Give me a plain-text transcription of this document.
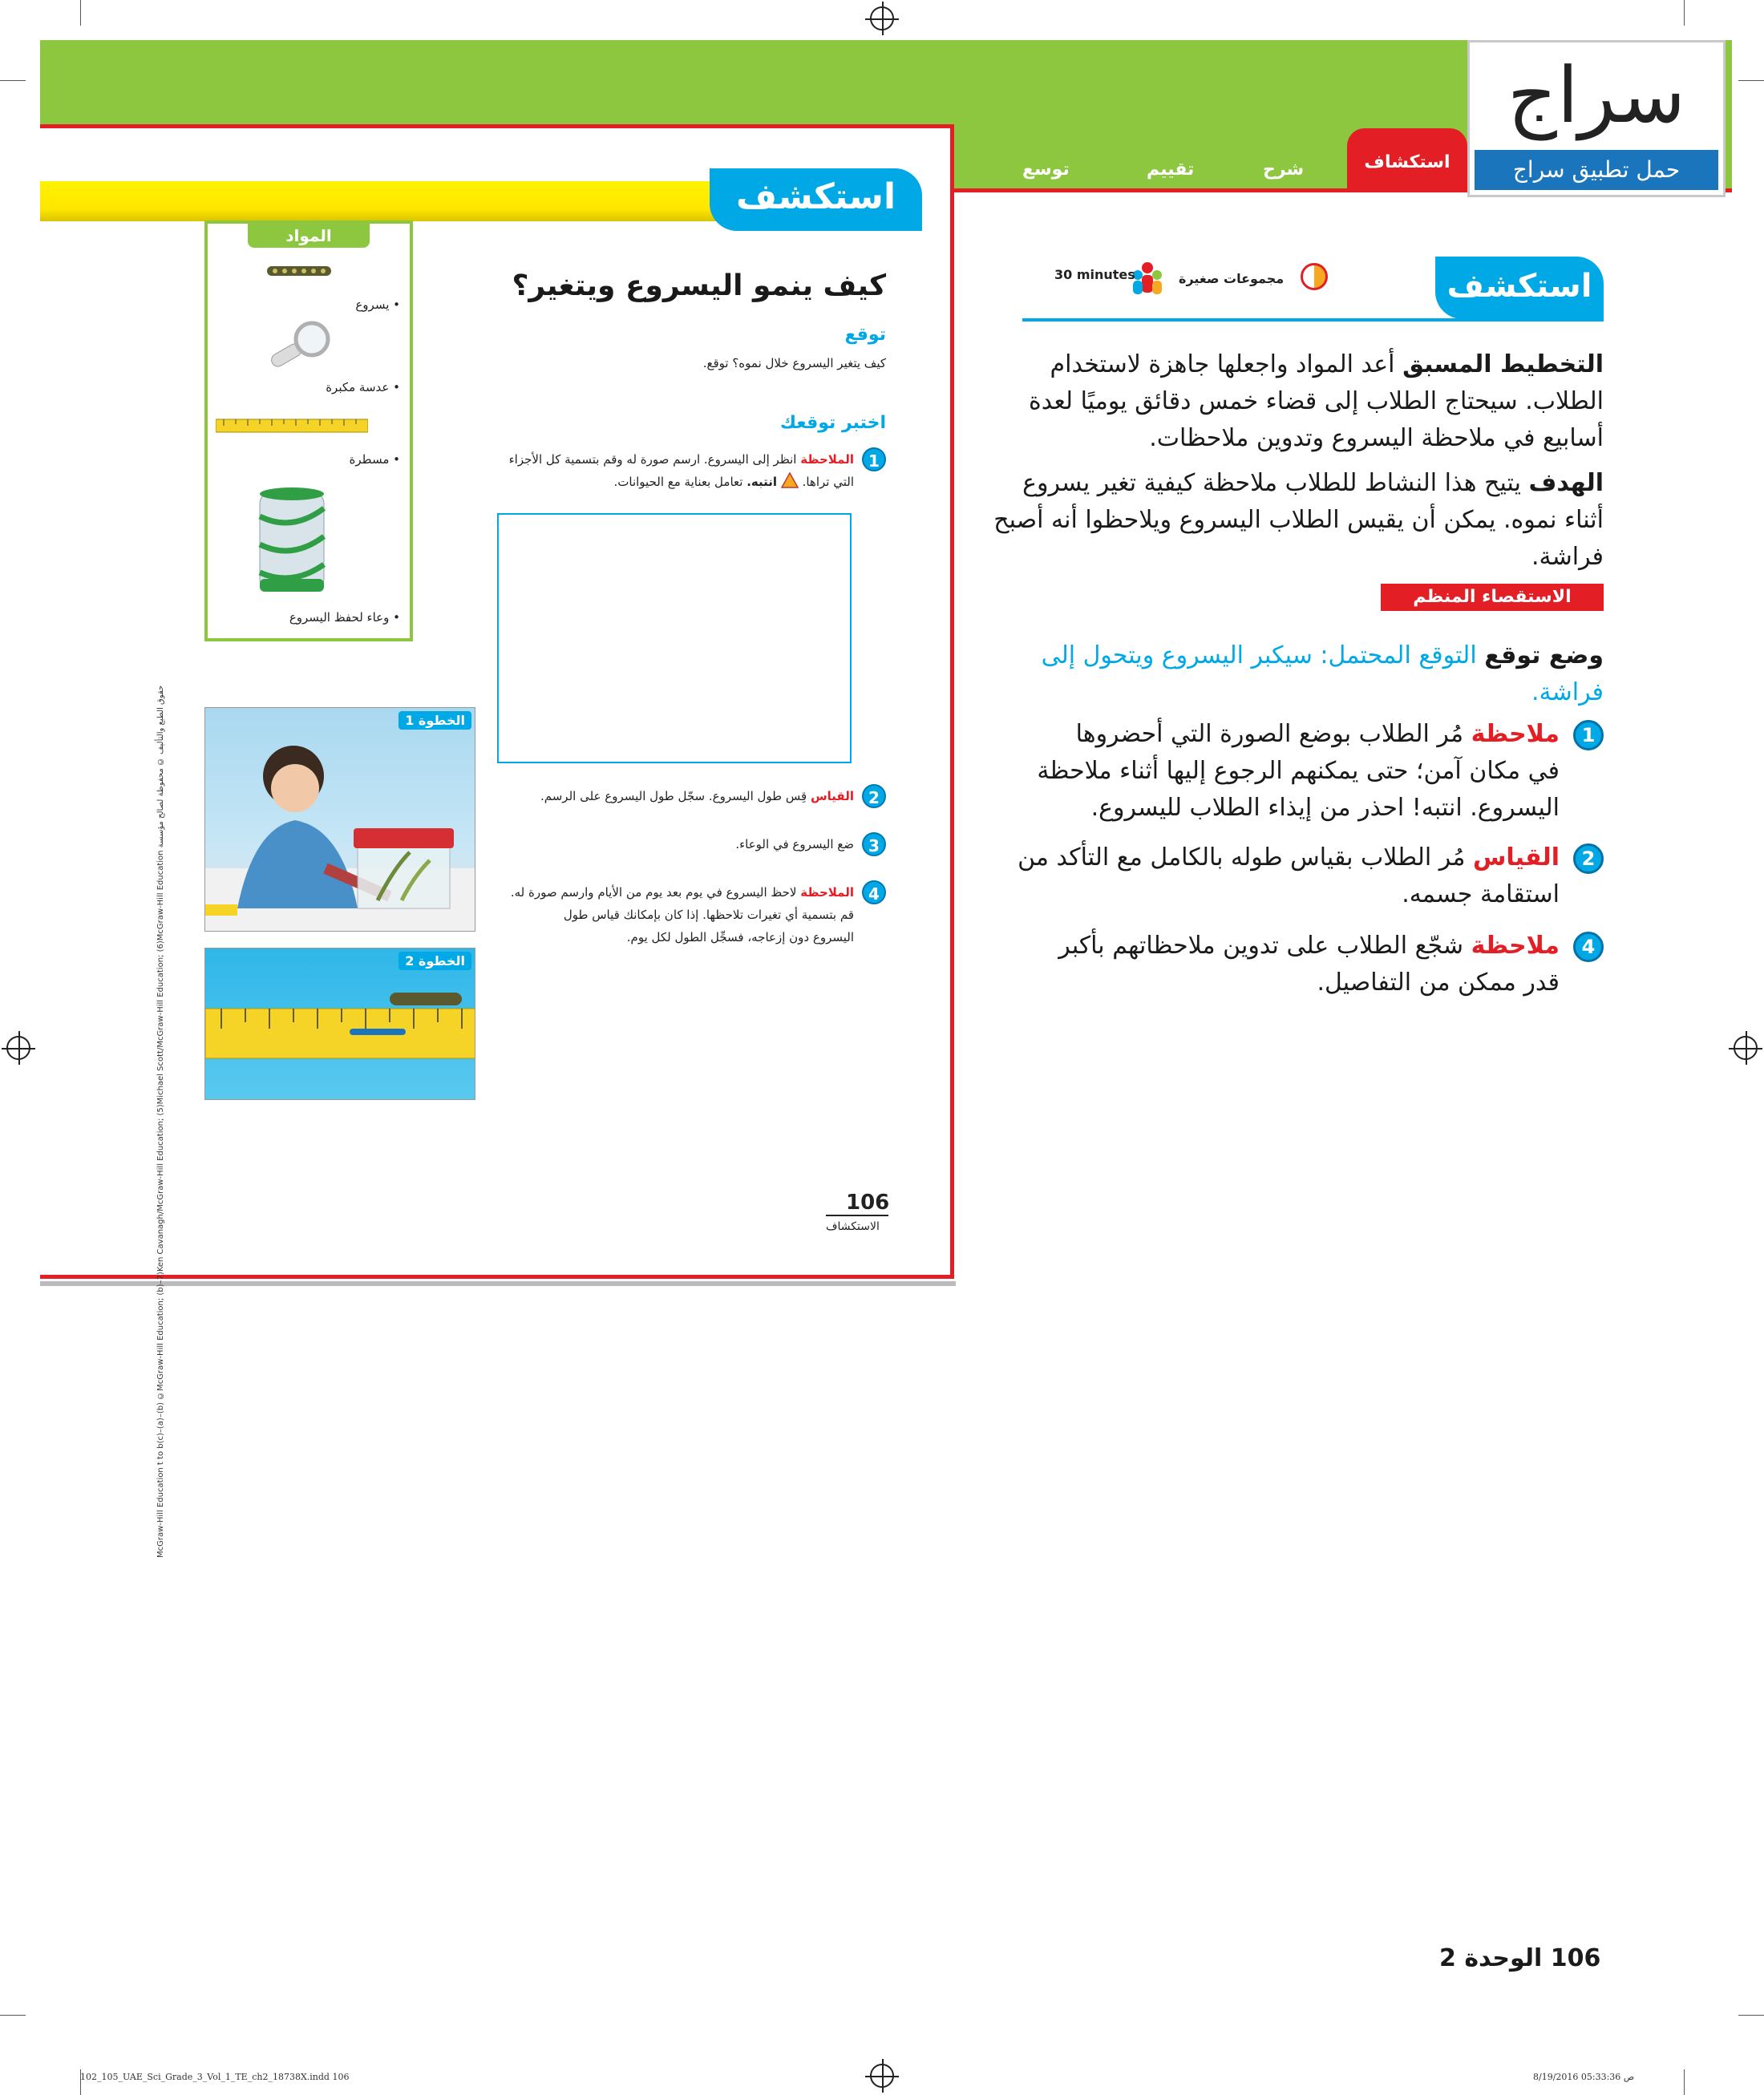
شرح
تقييم
توسع	استكشاف
سراج
حمل تطبيق سراج
استكشف
المواد
• يسروع
• عدسة مكبرة
• مسطرة
• وعاء لحفظ اليسروع
كيف ينمو اليسروع ويتغير؟
توقع
كيف يتغير اليسروع خلال نموه؟ توقع.
اختبر توقعك
1
الملاحظة انظر إلى اليسروع. ارسم صورة له وقم بتسمية كل الأجزاء
التي تراها.  انتبه. تعامل بعناية مع الحيوانات.
2
القياس قِس طول اليسروع. سجّل طول اليسروع على الرسم.
3
ضع اليسروع في الوعاء.
4
الملاحظة لاحظ اليسروع في يوم بعد يوم من الأيام وارسم صورة له.
قم بتسمية أي تغيرات تلاحظها. إذا كان بإمكانك قياس طول
اليسروع دون إزعاجه، فسجِّل الطول لكل يوم.
الخطوة 1
الخطوة 2
حقوق الطبع والتأليف © محفوظة لصالح مؤسسة McGraw-Hill Education t to b(c)–(a)–(b) ©McGraw-Hill Education; (b)–7)Ken Cavanagh/McGraw-Hill Education; (5)Michael Scott/McGraw-Hill Education; (6)McGraw-Hill Education	106
الاستكشاف
استكشف
مجموعات صغيرة
30 minutes
التخطيط المسبق أعد المواد واجعلها جاهزة لاستخدام
الطلاب. سيحتاج الطلاب إلى قضاء خمس دقائق يوميًا لعدة
أسابيع في ملاحظة اليسروع وتدوين ملاحظات.
الهدف يتيح هذا النشاط للطلاب ملاحظة كيفية تغير يسروع
أثناء نموه. يمكن أن يقيس الطلاب اليسروع ويلاحظوا أنه أصبح
فراشة.
الاستقصاء المنظم
وضع توقع التوقع المحتمل: سيكبر اليسروع ويتحول إلى
فراشة.
1
ملاحظة مُر الطلاب بوضع الصورة التي أحضروها
في مكان آمن؛ حتى يمكنهم الرجوع إليها أثناء ملاحظة
اليسروع. انتبه! احذر من إيذاء الطلاب لليسروع.
2
القياس مُر الطلاب بقياس طوله بالكامل مع التأكد من
استقامة جسمه.
4
ملاحظة شجّع الطلاب على تدوين ملاحظاتهم بأكبر
قدر ممكن من التفاصيل.
106 الوحدة 2
102_105_UAE_Sci_Grade_3_Vol_1_TE_ch2_18738X.indd 106	8/19/2016 05:33:36 ص
